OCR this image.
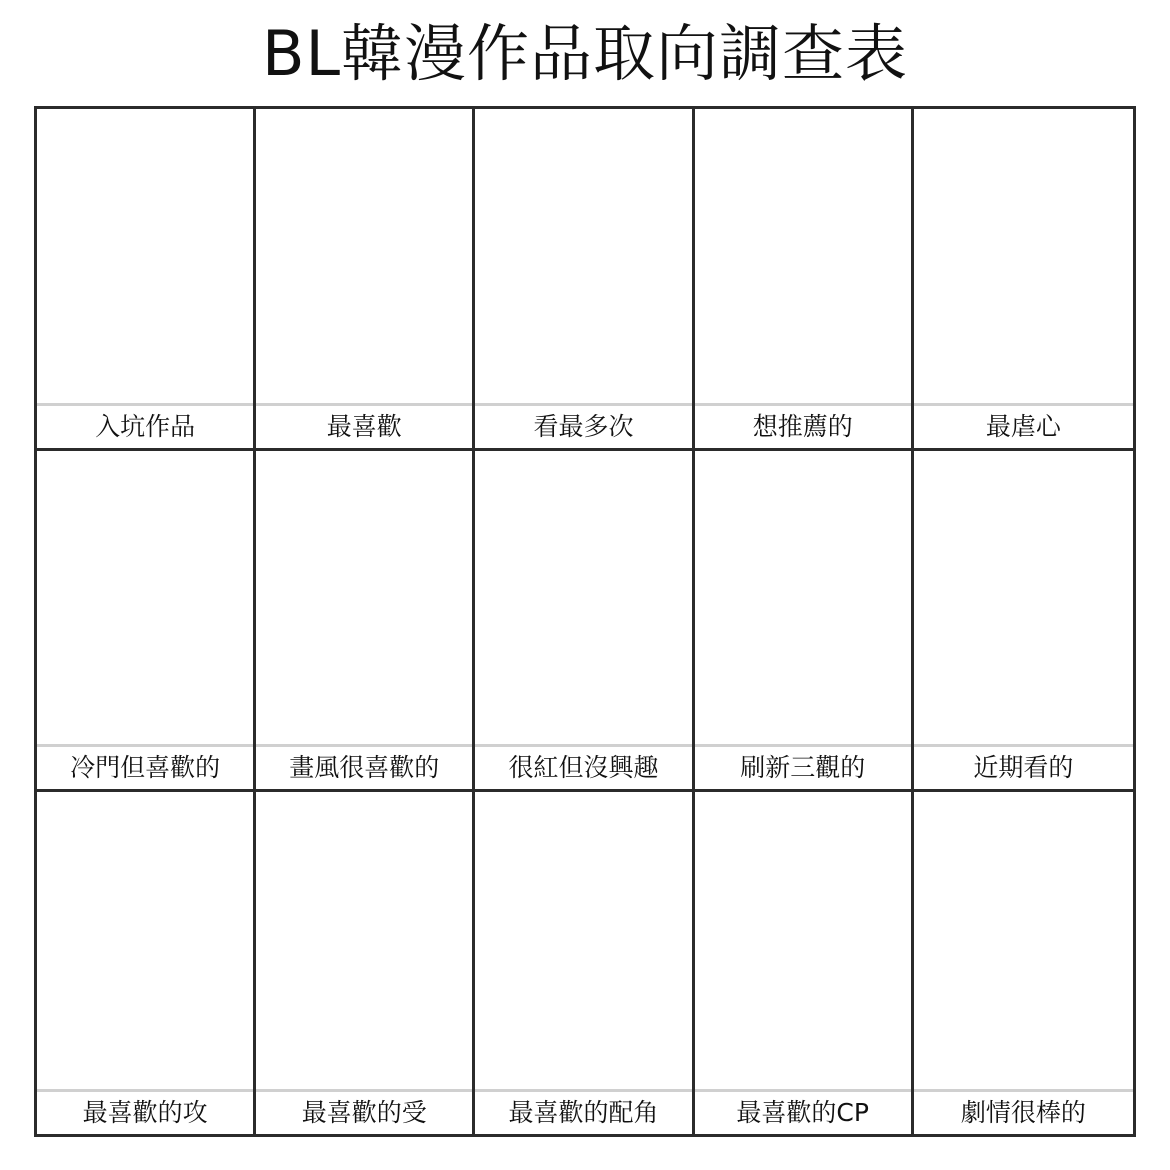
BL韓漫作品取向調查表
入坑作品	最喜歡	看最多次	想推薦的	最虐心
冷門但喜歡的	畫風很喜歡的	很紅但沒興趣	刷新三觀的	近期看的
最喜歡的攻	最喜歡的受	最喜歡的配角	最喜歡的CP	劇情很棒的
